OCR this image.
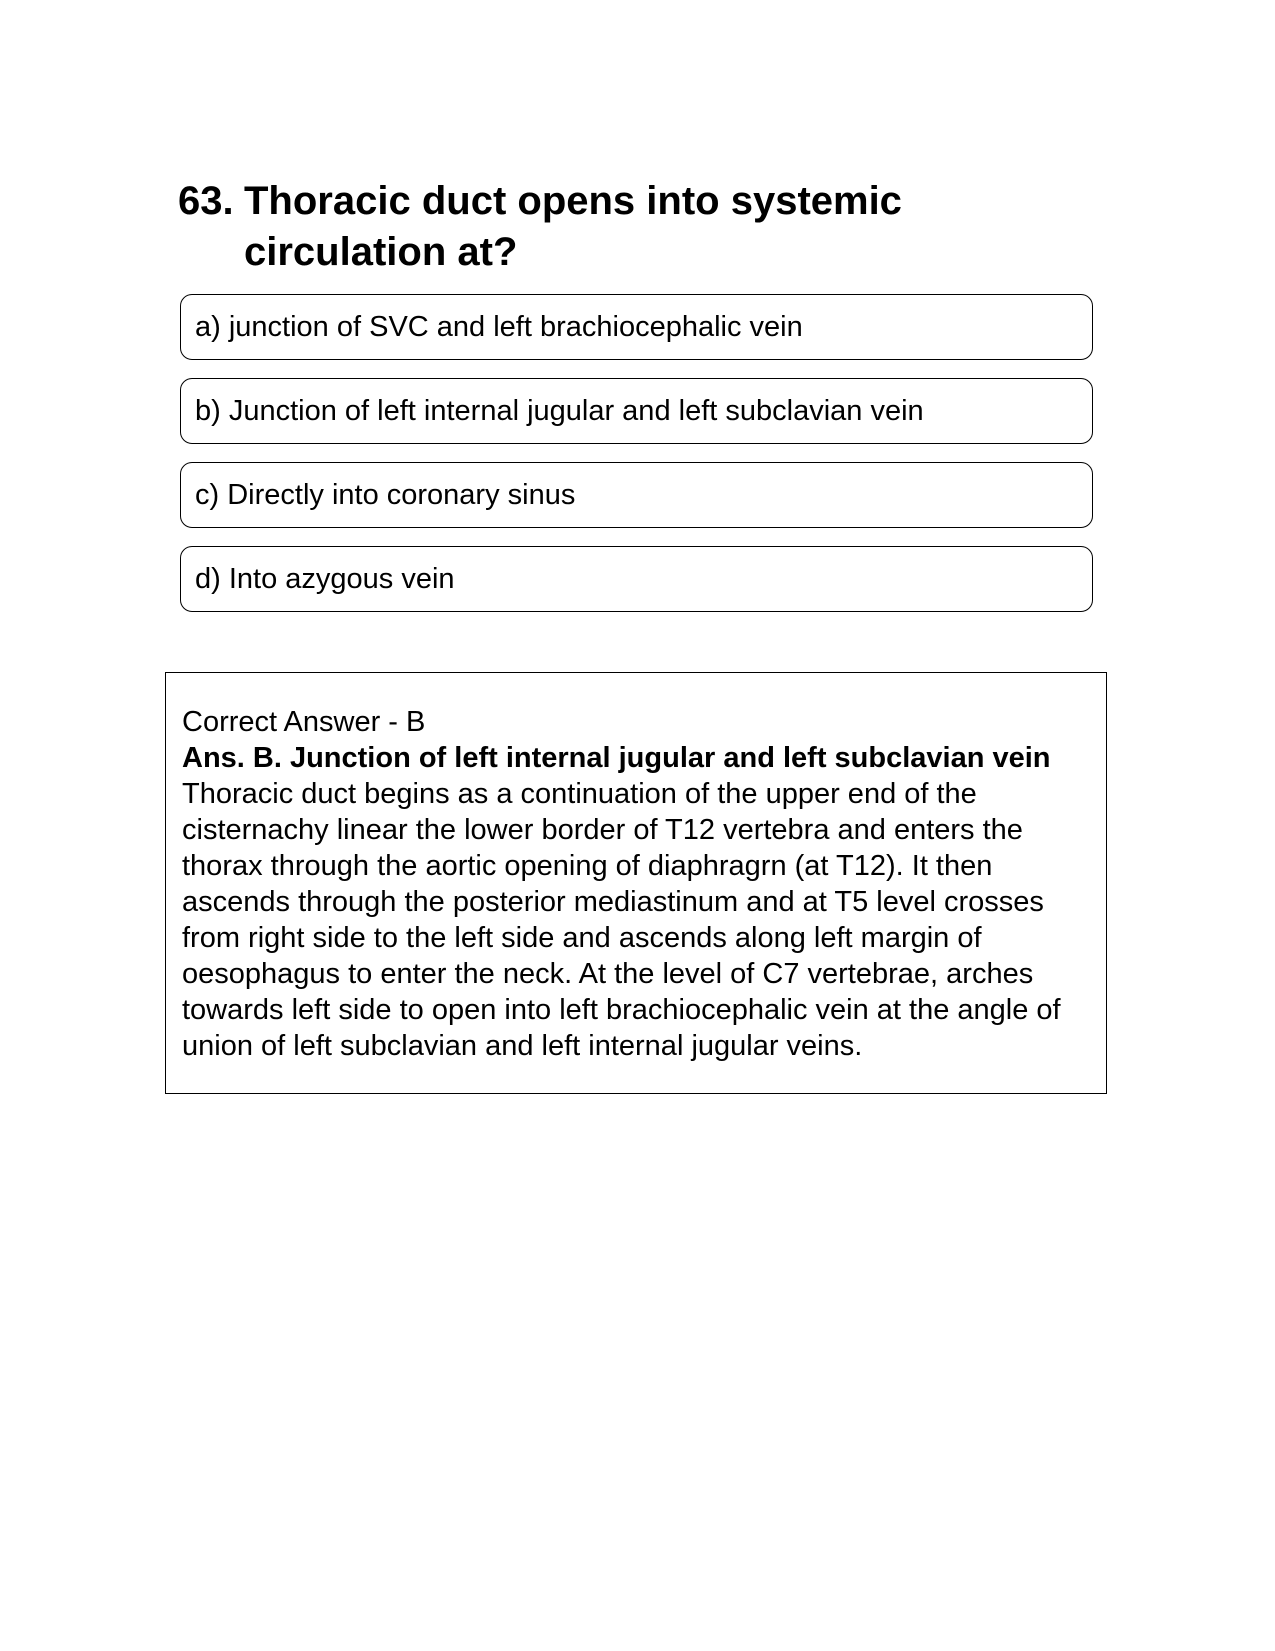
63. Thoracic duct opens into systemic circulation at?
a) junction of SVC and left brachiocephalic vein
b) Junction of left internal jugular and left subclavian vein
c) Directly into coronary sinus
d) Into azygous vein

Correct Answer - B

Ans. B. Junction of left internal jugular and left subclavian vein

Thoracic duct begins as a continuation of the upper end of the cisternachy linear the lower border of T12 vertebra and enters the thorax through the aortic opening of diaphragrn (at T12). It then ascends through the posterior mediastinum and at T5 level crosses from right side to the left side and ascends along left margin of oesophagus to enter the neck. At the level of C7 vertebrae, arches towards left side to open into left brachiocephalic vein at the angle of union of left subclavian and left internal jugular veins.
